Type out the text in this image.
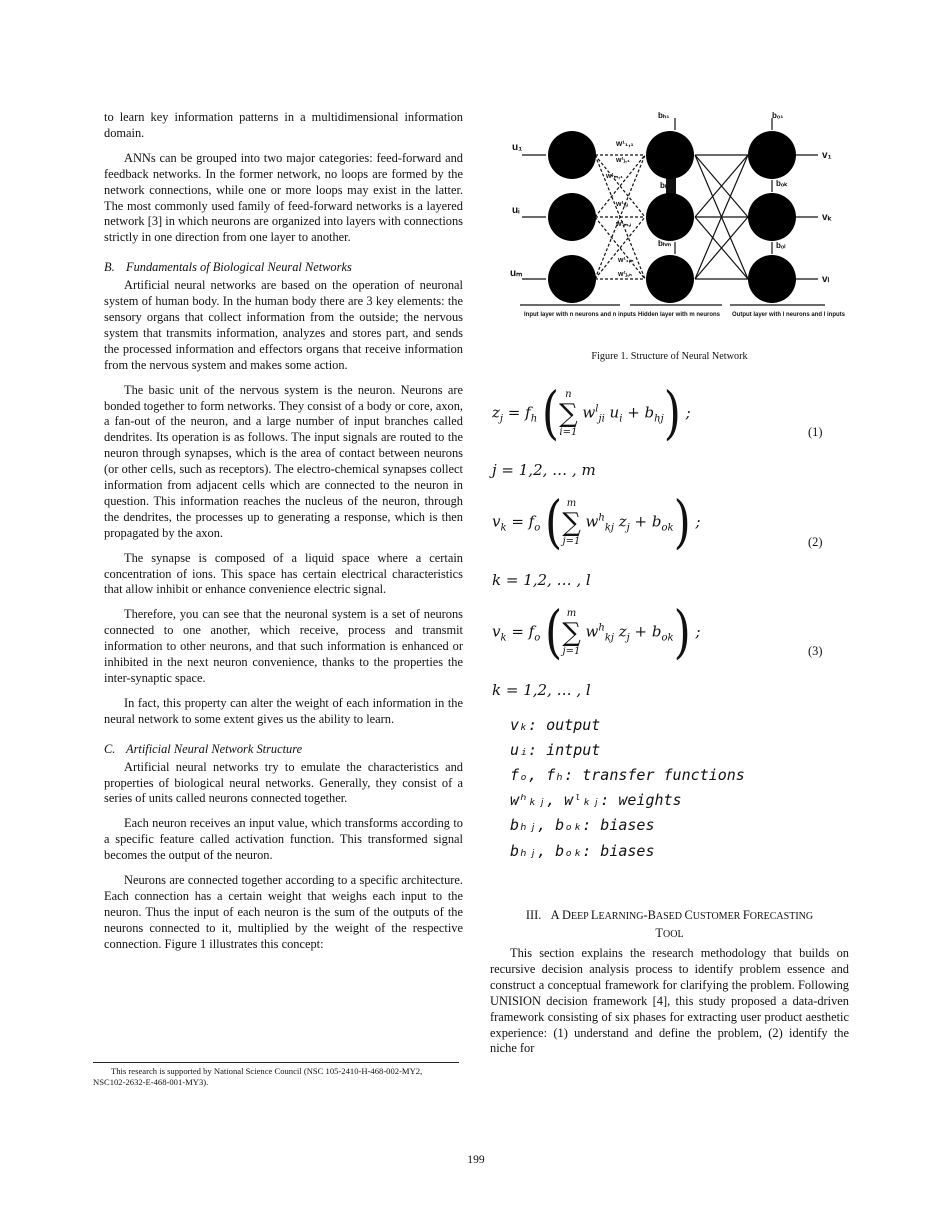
to learn key information patterns in a multidimensional information domain.

ANNs can be grouped into two major categories: feed-forward and feedback networks. In the former network, no loops are formed by the network connections, while one or more loops may exist in the latter. The most commonly used family of feed-forward networks is a layered network [3] in which neurons are organized into layers with connections strictly in one direction from one layer to another.

B. Fundamentals of Biological Neural Networks

Artificial neural networks are based on the operation of neuronal system of human body. In the human body there are 3 key elements: the sensory organs that collect information from the outside; the nervous system that transmits information, analyzes and stores part, and sends the processed information and effectors organs that receive information from the nervous system and makes some action.

The basic unit of the nervous system is the neuron. Neurons are bonded together to form networks. They consist of a body or core, axon, a fan-out of the neuron, and a large number of input branches called dendrites. Its operation is as follows. The input signals are routed to the neuron through synapses, which is the area of contact between neurons (or other cells, such as receptors). The electro-chemical synapses collect information from adjacent cells which are connected to the neuron in question. This information reaches the nucleus of the neuron, through the dendrites, the processes up to generating a response, which is then propagated by the axon.

The synapse is composed of a liquid space where a certain concentration of ions. This space has certain electrical characteristics that allow inhibit or enhance convenience electric signal.

Therefore, you can see that the neuronal system is a set of neurons connected to one another, which receive, process and transmit information to other neurons, and that such information is enhanced or inhibited in the next neuron convenience, thanks to the properties the inter-synaptic space.

In fact, this property can alter the weight of each information in the neural network to some extent gives us the ability to learn.

C. Artificial Neural Network Structure

Artificial neural networks try to emulate the characteristics and properties of biological neural networks. Generally, they consist of a series of units called neurons connected together.

Each neuron receives an input value, which transforms according to a specific feature called activation function. This transformed signal becomes the output of the neuron.

Neurons are connected together according to a specific architecture. Each connection has a certain weight that weighs each input to the neuron. Thus the input of each neuron is the sum of the outputs of the neurons connected to it, multiplied by the weight of the respective connection. Figure 1 illustrates this concept:

This research is supported by National Science Council (NSC 105-2410-H-468-002-MY2, NSC102-2632-E-468-001-MY3).
199
u₁
uᵢ
uₘ
v₁
vₖ
vₗ
bₕ₁	bₒ₁
bₒₖ
bₒₗ
bₕⱼ
bₕₘ
w¹₁,₁
w¹ⱼ,₁
w¹ₘ,₁
w¹ⱼ,ᵢ
w¹ₘ,ᵢ
w¹₁,ₙ
w¹ⱼ,ₙ
Input layer with n neurons and n inputs Hidden layer with m neurons Output layer with l neurons and l inputs
Figure 1. Structure of Neural Network
$z_j = f_h$ ( n
∑
i=1
$w^l_{ji}$ $u_i + b_{hj}$) ;
(1)
j = 1,2, … , m
$v_k = f_o$ ( m
∑
j=1
$w^h_{kj}$ $z_j + b_{ok}$) ;
(2)
k = 1,2, … , l
$v_k = f_o$ ( m
∑
j=1
$w^h_{kj}$ $z_j + b_{ok}$) ;
(3)
k = 1,2, … , l
vₖ: output
uᵢ: intput
fₒ, fₕ: transfer functions
wʰₖⱼ, wˡₖⱼ: weights
bₕⱼ, bₒₖ: biases
bₕⱼ, bₒₖ: biases
III. A DEEP LEARNING-BASED CUSTOMER FORECASTING
TOOL

This section explains the research methodology that builds on recursive decision analysis process to identify problem essence and construct a conceptual framework for clarifying the problem. Following UNISION decision framework [4], this study proposed a data-driven framework consisting of six phases for extracting user product aesthetic experience: (1) understand and define the problem, (2) identify the niche for
